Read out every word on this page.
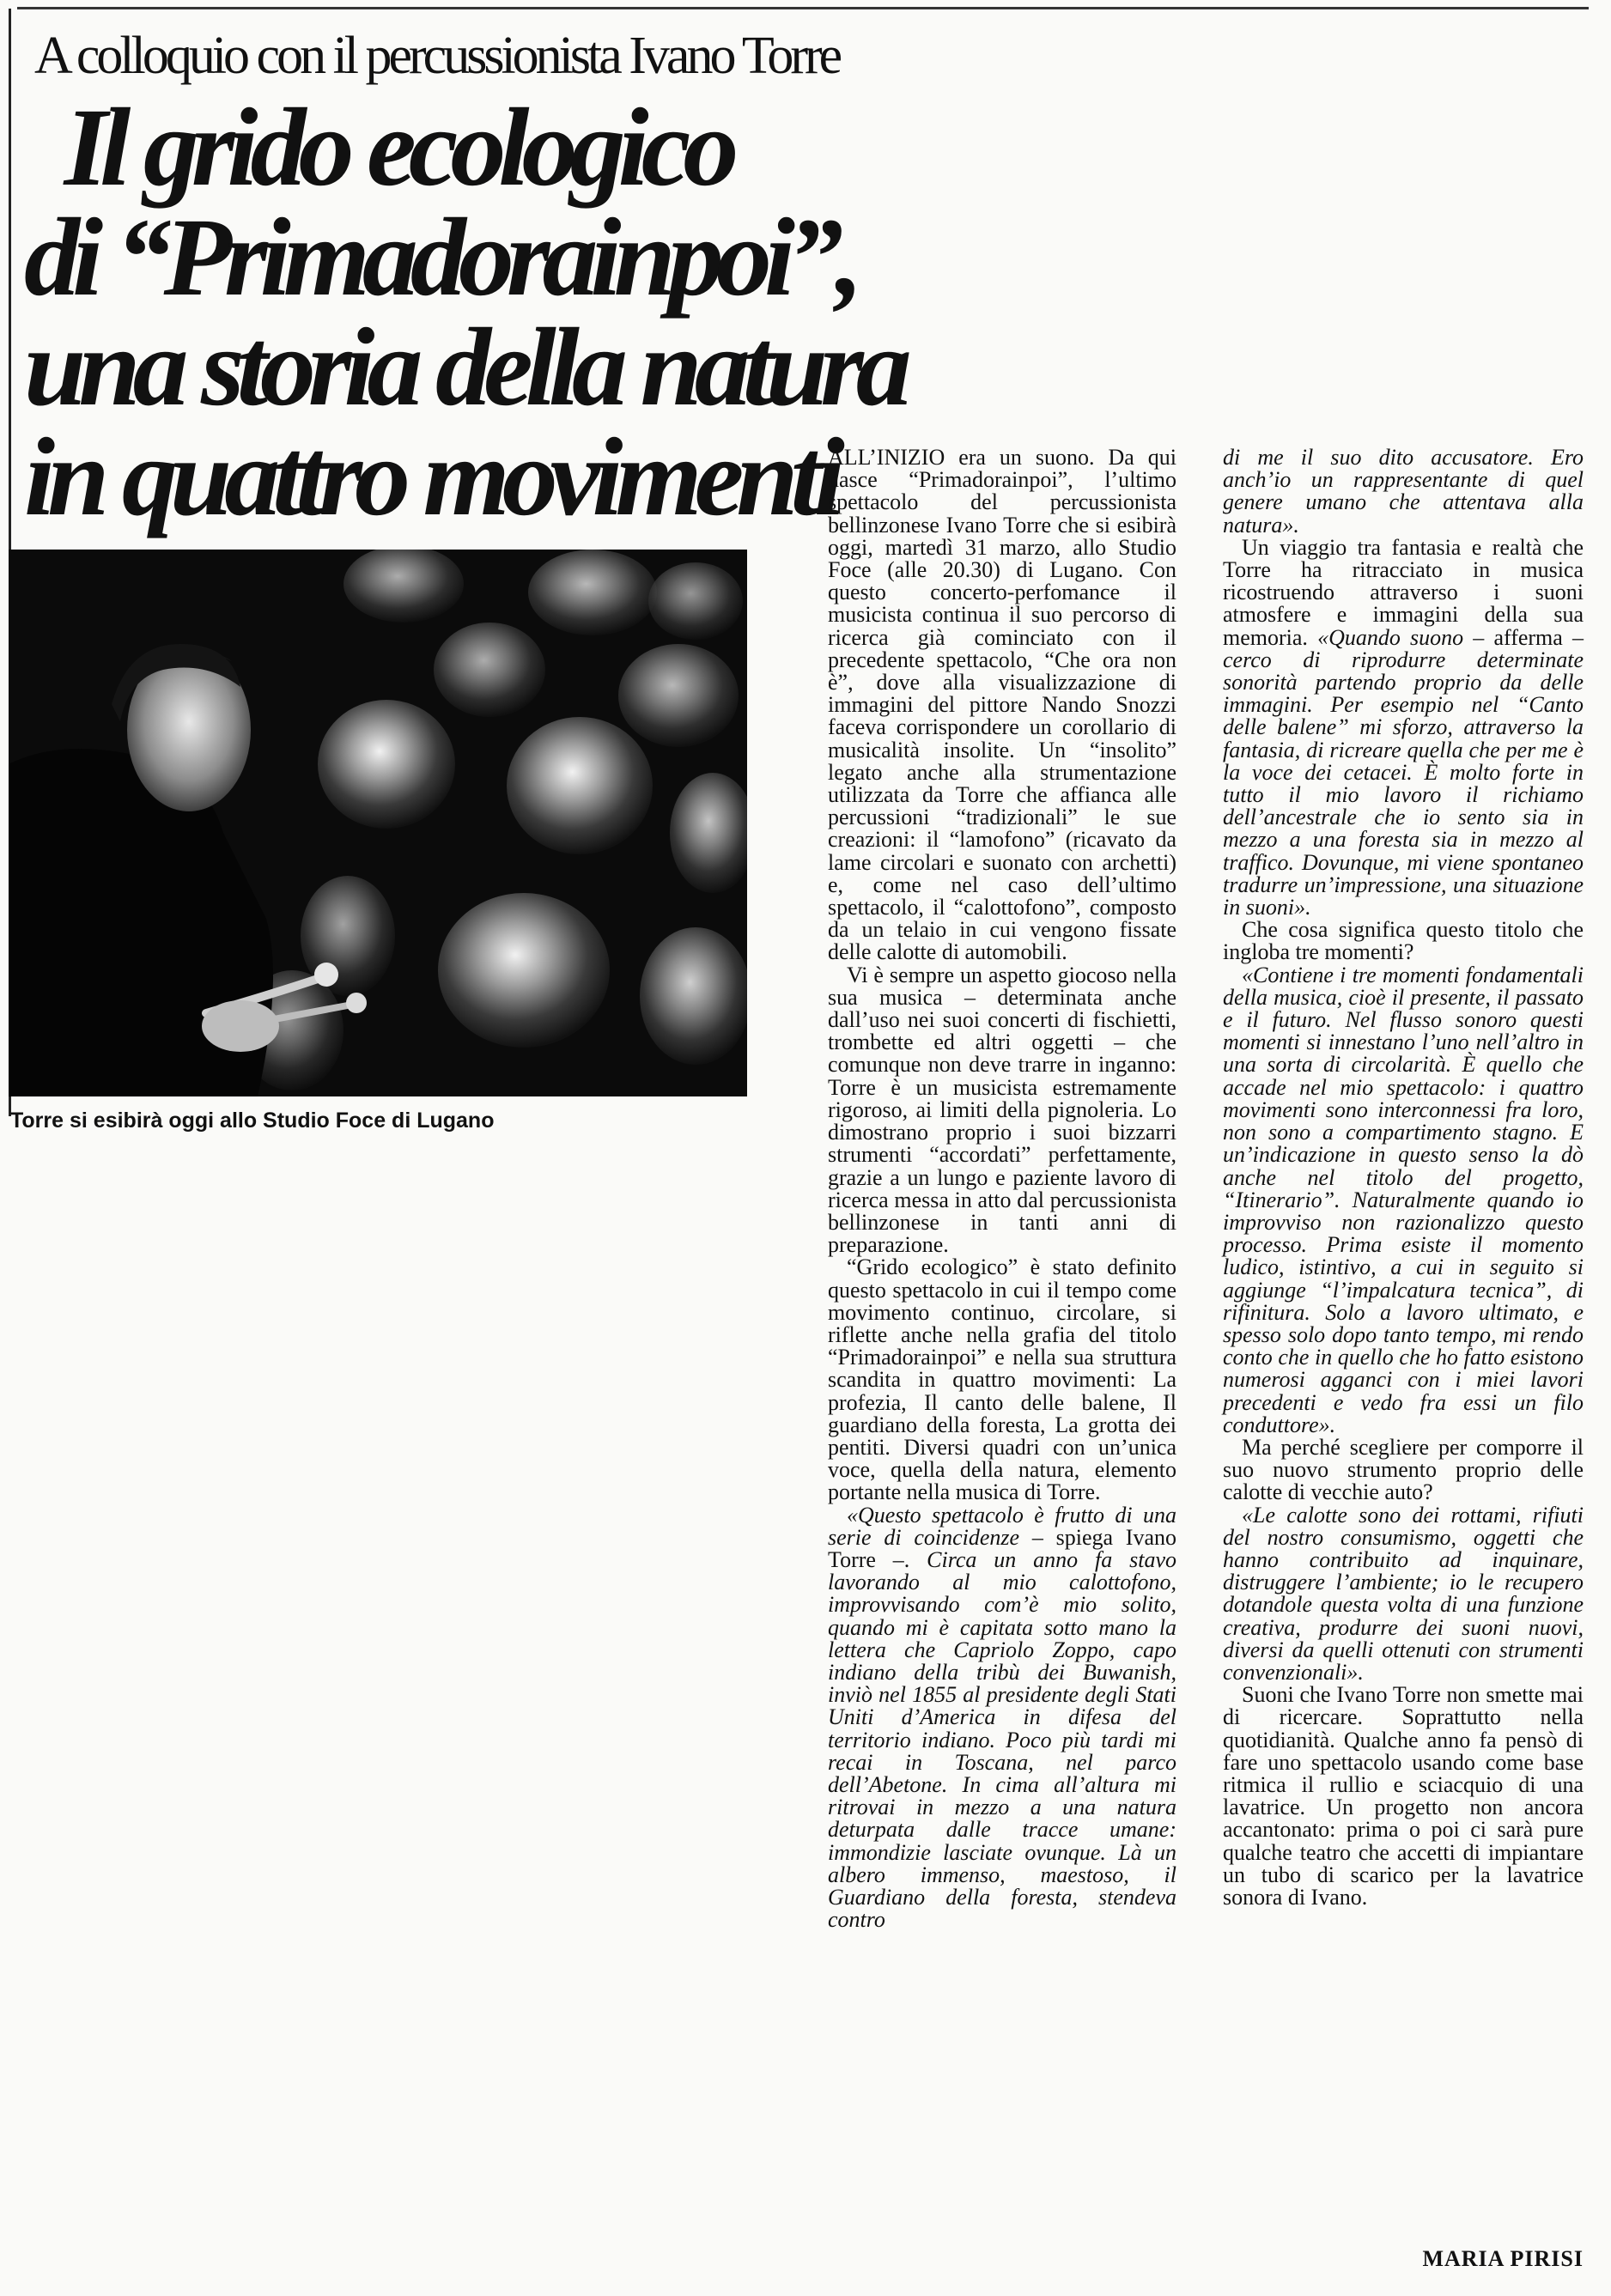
A colloquio con il percussionista Ivano Torre
Il grido ecologico
di “Primadorainpoi”,
una storia della natura
in quattro movimenti
Torre si esibirà oggi allo Studio Foce di Lugano

ALL’INIZIO era un suono. Da qui nasce “Primadorainpoi”, l’ultimo spettacolo del percussionista bellinzonese Ivano Torre che si esibirà oggi, martedì 31 marzo, allo Studio Foce (alle 20.30) di Lugano. Con questo concerto-perfomance il musicista continua il suo percorso di ricerca già cominciato con il precedente spettacolo, “Che ora non è”, dove alla visualizzazione di immagini del pittore Nando Snozzi faceva corrispondere un corollario di musicalità insolite. Un “insolito” legato anche alla strumentazione utilizzata da Torre che affianca alle percussioni “tradizionali” le sue creazioni: il “lamofono” (ricavato da lame circolari e suonato con archetti) e, come nel caso dell’ultimo spettacolo, il “calottofono”, composto da un telaio in cui vengono fissate delle calotte di automobili.

Vi è sempre un aspetto giocoso nella sua musica – determinata anche dall’uso nei suoi concerti di fischietti, trombette ed altri oggetti – che comunque non deve trarre in inganno: Torre è un musicista estremamente rigoroso, ai limiti della pignoleria. Lo dimostrano proprio i suoi bizzarri strumenti “accordati” perfettamente, grazie a un lungo e paziente lavoro di ricerca messa in atto dal percussionista bellinzonese in tanti anni di preparazione.

“Grido ecologico” è stato definito questo spettacolo in cui il tempo come movimento continuo, circolare, si riflette anche nella grafia del titolo “Primadorainpoi” e nella sua struttura scandita in quattro movimenti: La profezia, Il canto delle balene, Il guardiano della foresta, La grotta dei pentiti. Diversi quadri con un’unica voce, quella della natura, elemento portante nella musica di Torre.

«Questo spettacolo è frutto di una serie di coincidenze – spiega Ivano Torre –. Circa un anno fa stavo lavorando al mio calottofono, improvvisando com’è mio solito, quando mi è capitata sotto mano la lettera che Capriolo Zoppo, capo indiano della tribù dei Buwanish, inviò nel 1855 al presidente degli Stati Uniti d’America in difesa del territorio indiano. Poco più tardi mi recai in Toscana, nel parco dell’Abetone. In cima all’altura mi ritrovai in mezzo a una natura deturpata dalle tracce umane: immondizie lasciate ovunque. Là un albero immenso, maestoso, il Guardiano della foresta, stendeva contro

di me il suo dito accusatore. Ero anch’io un rappresentante di quel genere umano che attentava alla natura».

Un viaggio tra fantasia e realtà che Torre ha ritracciato in musica ricostruendo attraverso i suoni atmosfere e immagini della sua memoria. «Quando suono – afferma – cerco di riprodurre determinate sonorità partendo proprio da delle immagini. Per esempio nel “Canto delle balene” mi sforzo, attraverso la fantasia, di ricreare quella che per me è la voce dei cetacei. È molto forte in tutto il mio lavoro il richiamo dell’ancestrale che io sento sia in mezzo a una foresta sia in mezzo al traffico. Dovunque, mi viene spontaneo tradurre un’impressione, una situazione in suoni».

Che cosa significa questo titolo che ingloba tre momenti?

«Contiene i tre momenti fondamentali della musica, cioè il presente, il passato e il futuro. Nel flusso sonoro questi momenti si innestano l’uno nell’altro in una sorta di circolarità. È quello che accade nel mio spettacolo: i quattro movimenti sono interconnessi fra loro, non sono a compartimento stagno. E un’indicazione in questo senso la dò anche nel titolo del progetto, “Itinerario”. Naturalmente quando io improvviso non razionalizzo questo processo. Prima esiste il momento ludico, istintivo, a cui in seguito si aggiunge “l’impalcatura tecnica”, di rifinitura. Solo a lavoro ultimato, e spesso solo dopo tanto tempo, mi rendo conto che in quello che ho fatto esistono numerosi agganci con i miei lavori precedenti e vedo fra essi un filo conduttore».

Ma perché scegliere per comporre il suo nuovo strumento proprio delle calotte di vecchie auto?

«Le calotte sono dei rottami, rifiuti del nostro consumismo, oggetti che hanno contribuito ad inquinare, distruggere l’ambiente; io le recupero dotandole questa volta di una funzione creativa, produrre dei suoni nuovi, diversi da quelli ottenuti con strumenti convenzionali».

Suoni che Ivano Torre non smette mai di ricercare. Soprattutto nella quotidianità. Qualche anno fa pensò di fare uno spettacolo usando come base ritmica il rullio e sciacquio di una lavatrice. Un progetto non ancora accantonato: prima o poi ci sarà pure qualche teatro che accetti di impiantare un tubo di scarico per la lavatrice sonora di Ivano.

MARIA PIRISI
